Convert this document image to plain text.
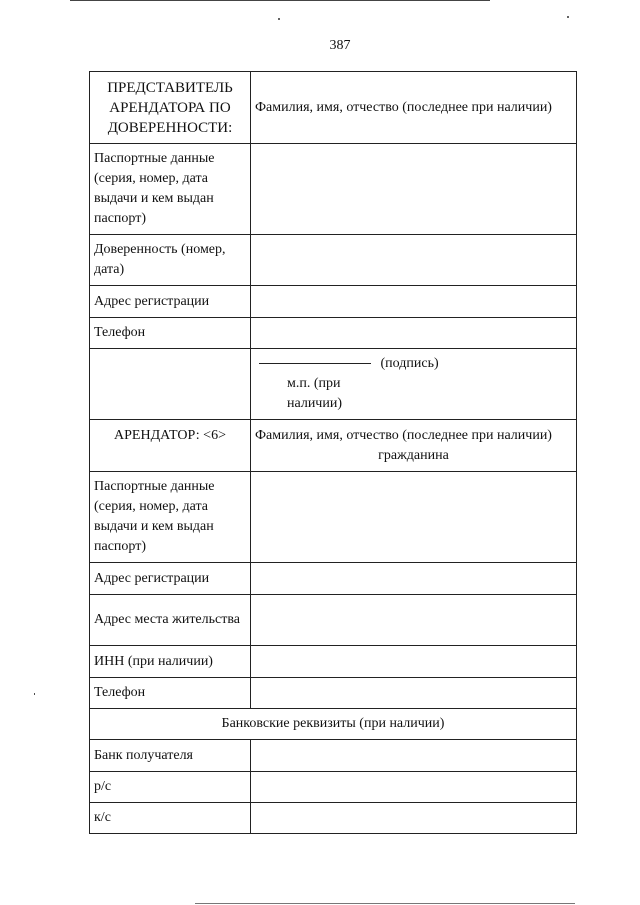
387
ПРЕДСТАВИТЕЛЬ АРЕНДАТОРА ПО ДОВЕРЕННОСТИ:	Фамилия, имя, отчество (последнее при наличии)
Паспортные данные (серия, номер, дата выдачи и кем выдан паспорт)	
Доверенность (номер, дата)	
Адрес регистрации	
Телефон	
	(подпись)
м.п. (при
наличии)

АРЕНДАТОР: <6>	Фамилия, имя, отчество (последнее при наличии)
гражданина

Паспортные данные (серия, номер, дата выдачи и кем выдан паспорт)	
Адрес регистрации	
Адрес места жительства	
ИНН (при наличии)	
Телефон	
Банковские реквизиты (при наличии)	
Банк получателя	
р/с	
к/с	
